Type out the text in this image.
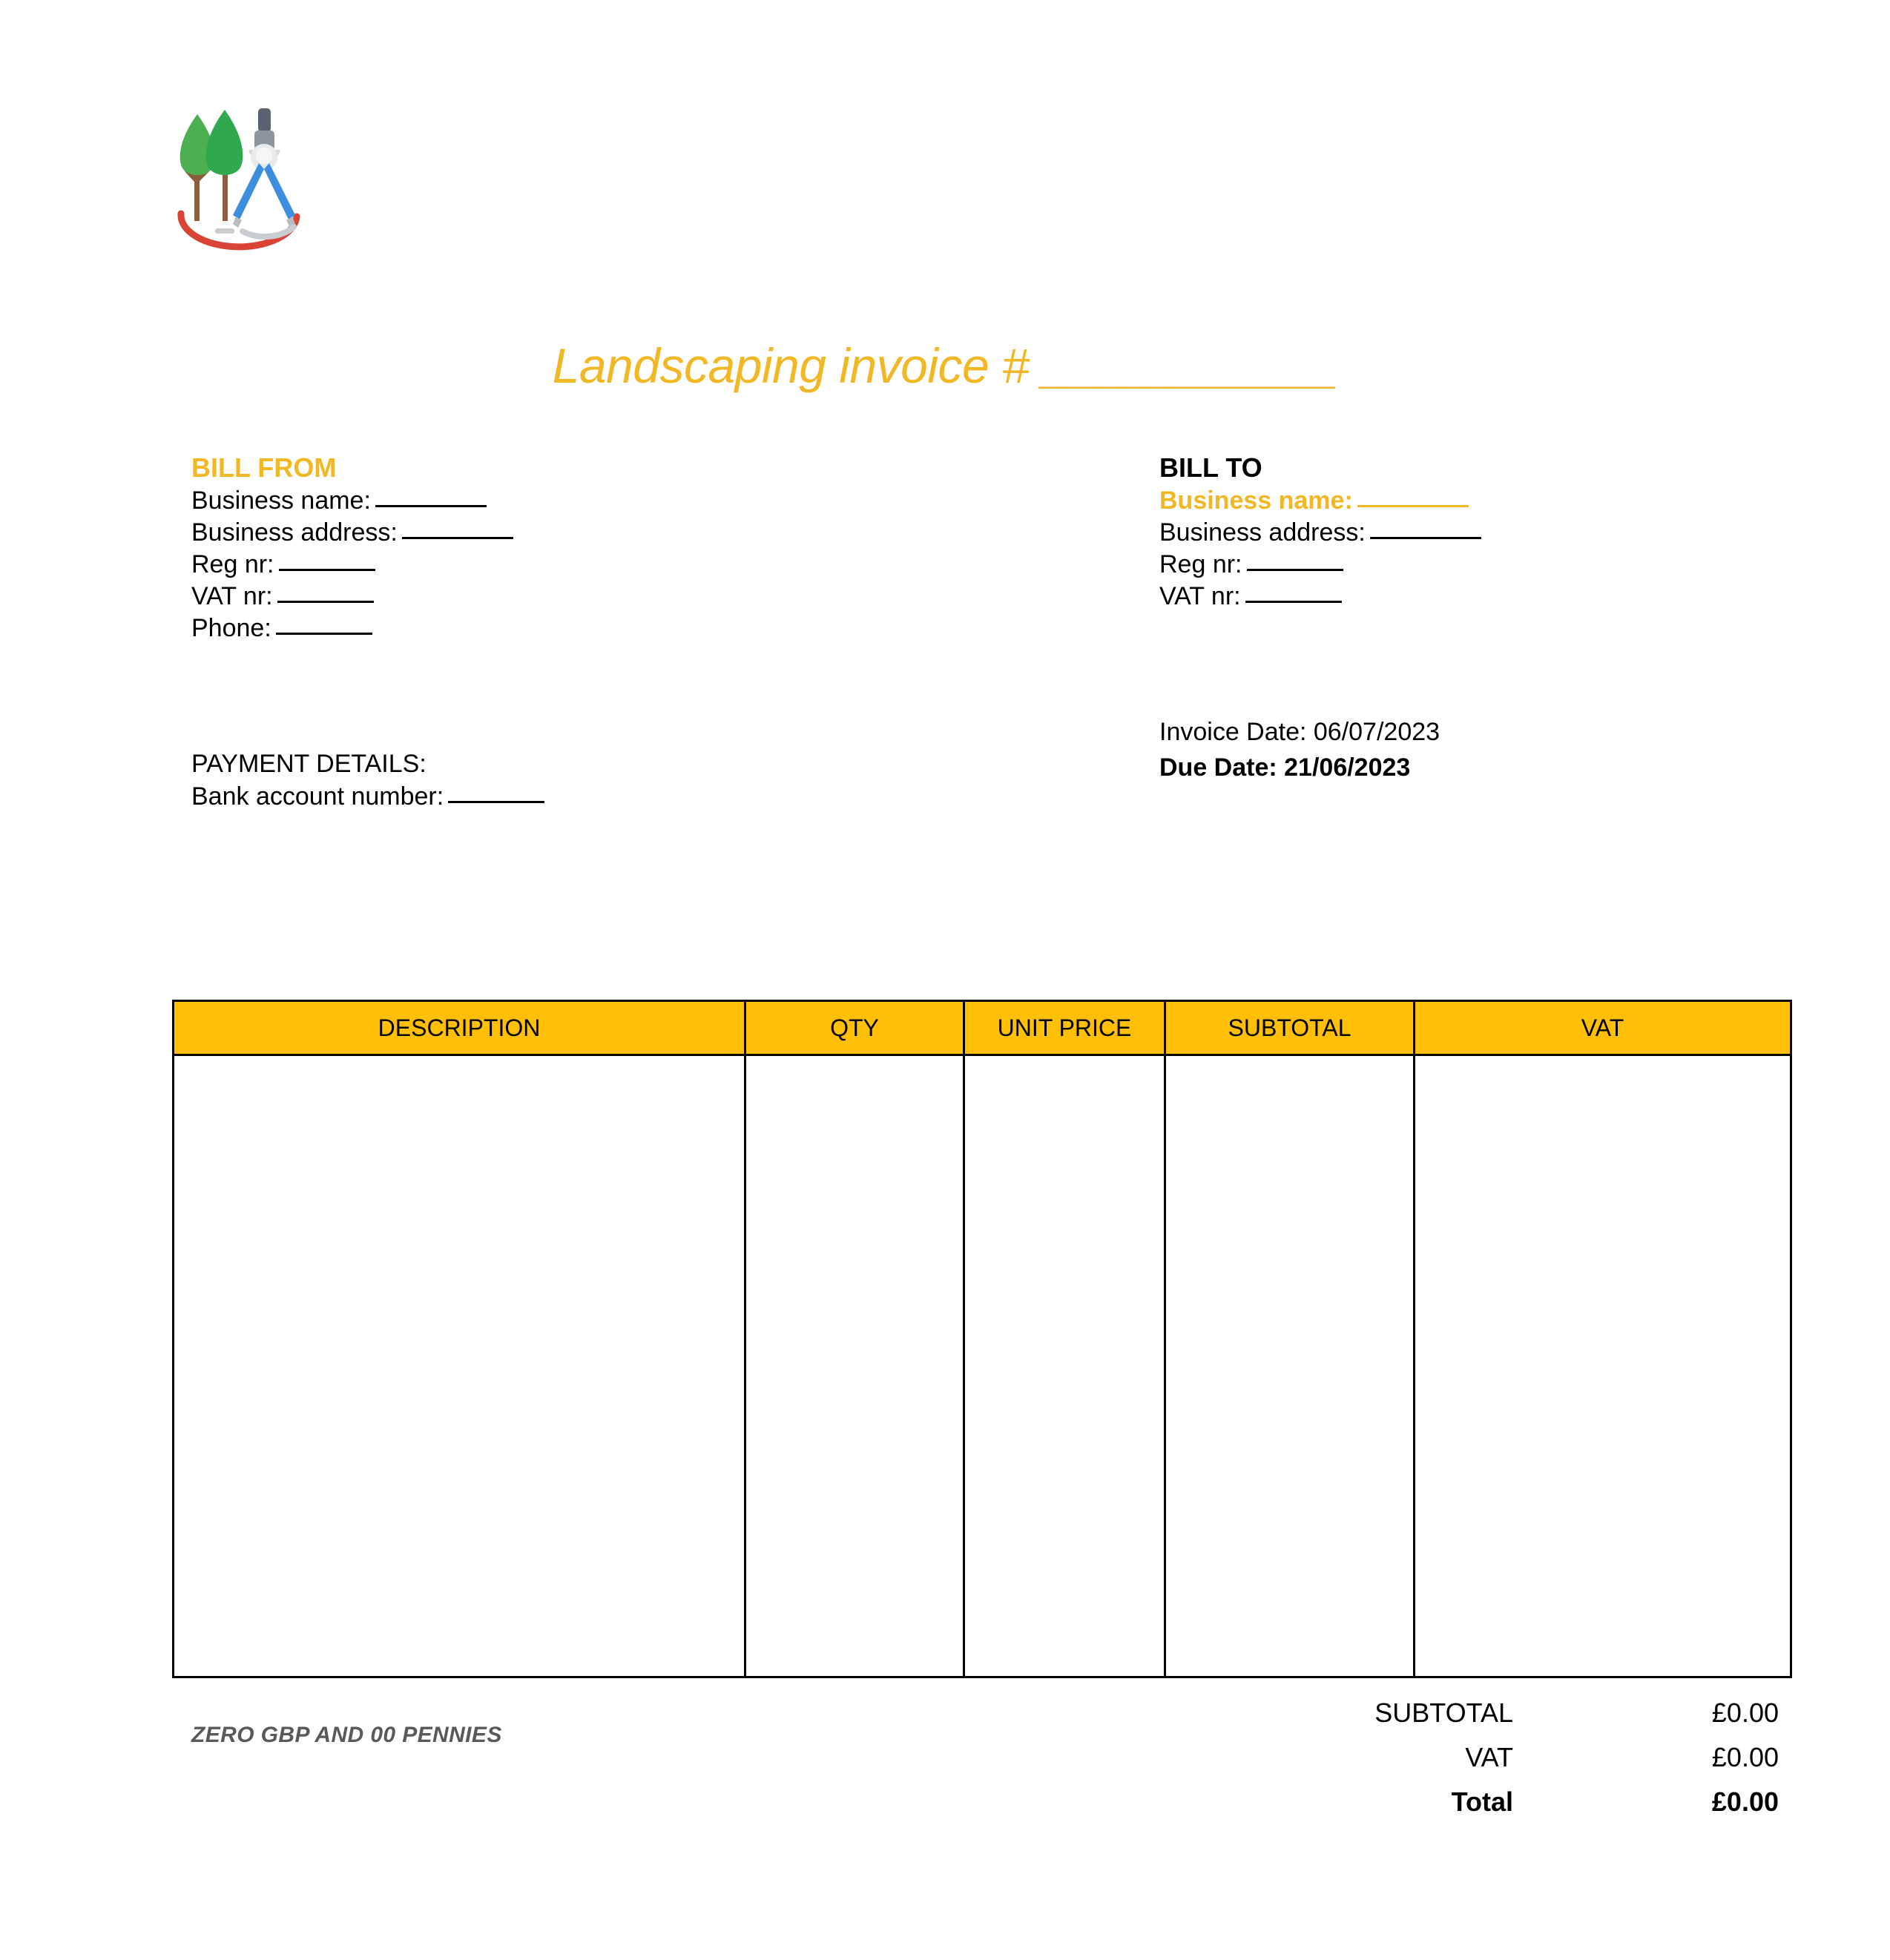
Landscaping invoice # ___________
BILL FROM
Business name:
Business address:
Reg nr:
VAT nr:
Phone:
BILL TO
Business name:
Business address:
Reg nr:
VAT nr:
Invoice Date: 06/07/2023
Due Date: 21/06/2023
PAYMENT DETAILS:
Bank account number:
DESCRIPTION	QTY	UNIT PRICE	SUBTOTAL	VAT

SUBTOTAL	£0.00
VAT	£0.00
Total	£0.00
ZERO GBP AND 00 PENNIES
